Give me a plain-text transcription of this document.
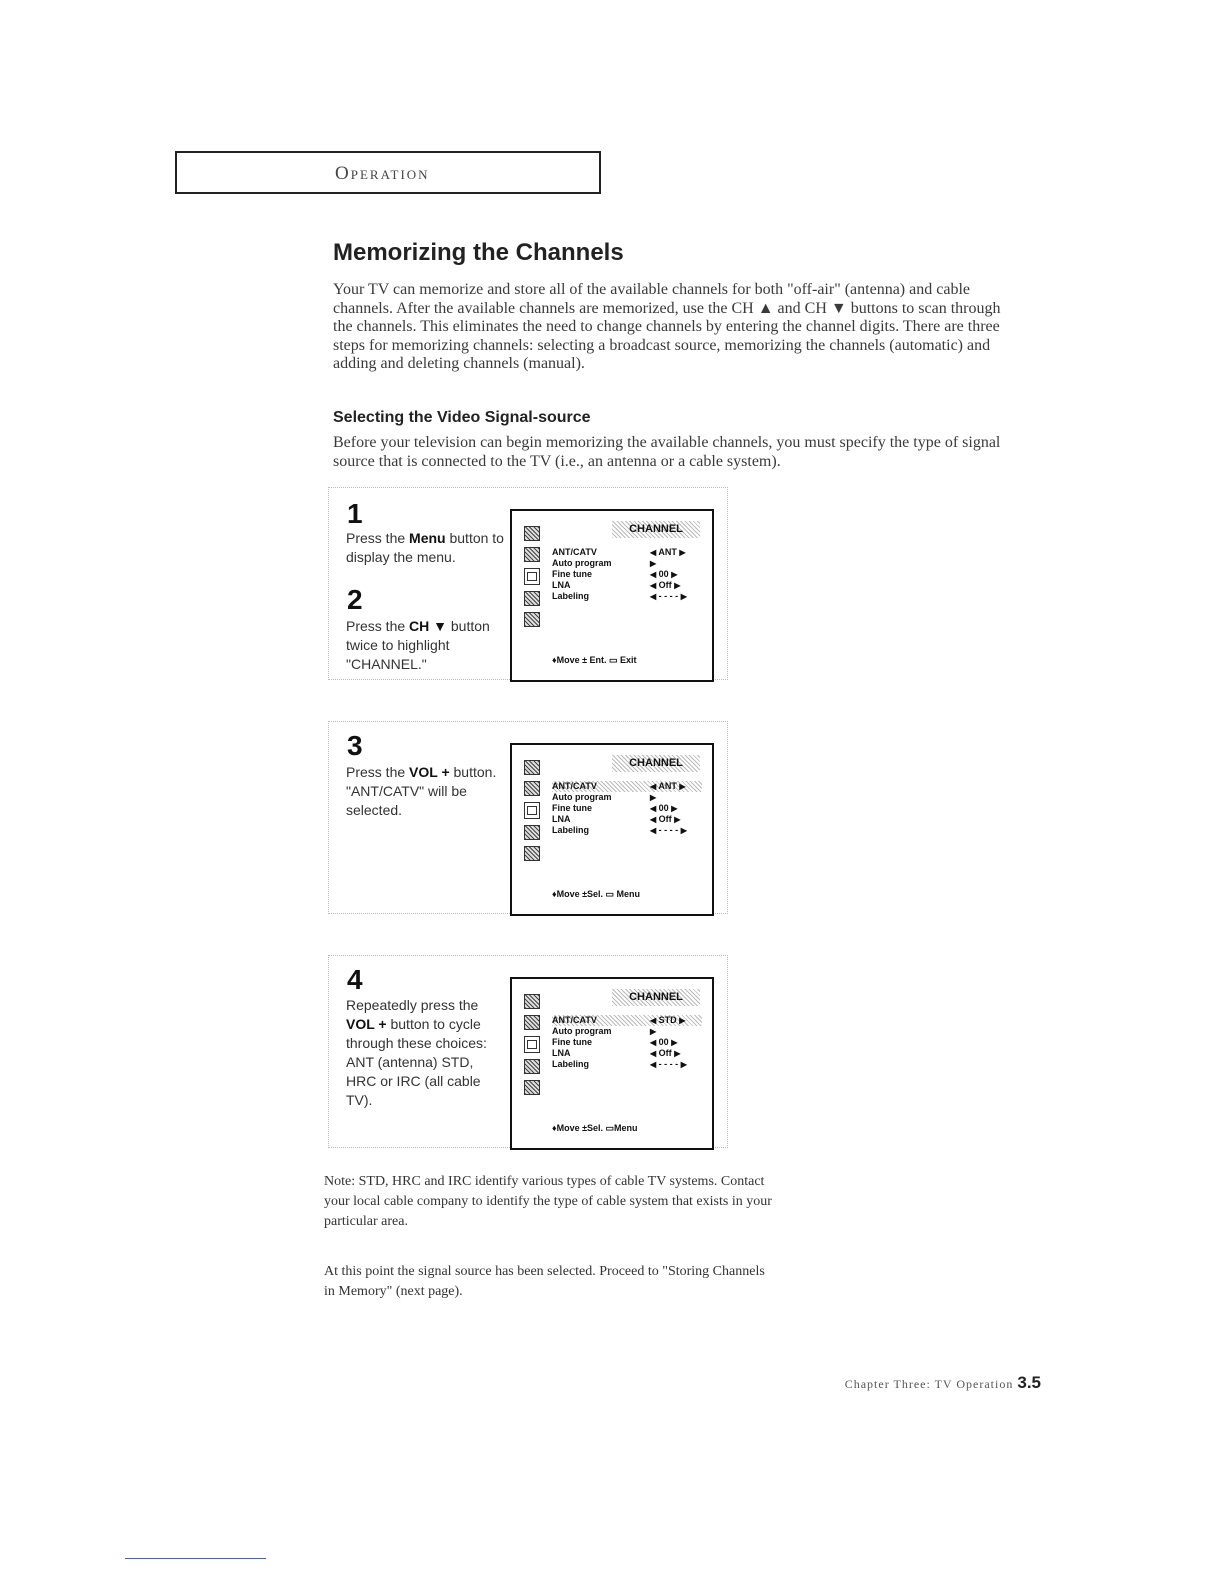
Operation
Memorizing the Channels

Your TV can memorize and store all of the available channels for both "off-air" (antenna) and cable channels. After the available channels are memorized, use the CH ▲ and CH ▼ buttons to scan through the channels. This eliminates the need to change channels by entering the channel digits. There are three steps for memorizing channels: selecting a broadcast source, memorizing the channels (automatic) and adding and deleting channels (manual).

Selecting the Video Signal-source

Before your television can begin memorizing the available channels, you must specify the type of signal source that is connected to the TV (i.e., an antenna or a cable system).

1
Press the Menu button to display the menu.
2
Press the CH ▼ button twice to highlight "CHANNEL."
CHANNEL
ANT/CATV	◀ ANT ▶
Auto program	▶
Fine tune	◀ 00 ▶
LNA	◀ Off ▶
Labeling	◀ - - - - ▶
♦Move ± Ent. ▭ Exit
3
Press the VOL + button. "ANT/CATV" will be selected.
CHANNEL
ANT/CATV	◀ ANT ▶
Auto program	▶
Fine tune	◀ 00 ▶
LNA	◀ Off ▶
Labeling	◀ - - - - ▶
♦Move ±Sel. ▭ Menu
4
Repeatedly press the VOL + button to cycle through these choices: ANT (antenna) STD, HRC or IRC (all cable TV).
CHANNEL
ANT/CATV	◀ STD ▶
Auto program	▶
Fine tune	◀ 00 ▶
LNA	◀ Off ▶
Labeling	◀ - - - - ▶
♦Move ±Sel. ▭Menu

Note: STD, HRC and IRC identify various types of cable TV systems. Contact your local cable company to identify the type of cable system that exists in your particular area.

At this point the signal source has been selected. Proceed to "Storing Channels in Memory" (next page).

Chapter Three: TV Operation 3.5
